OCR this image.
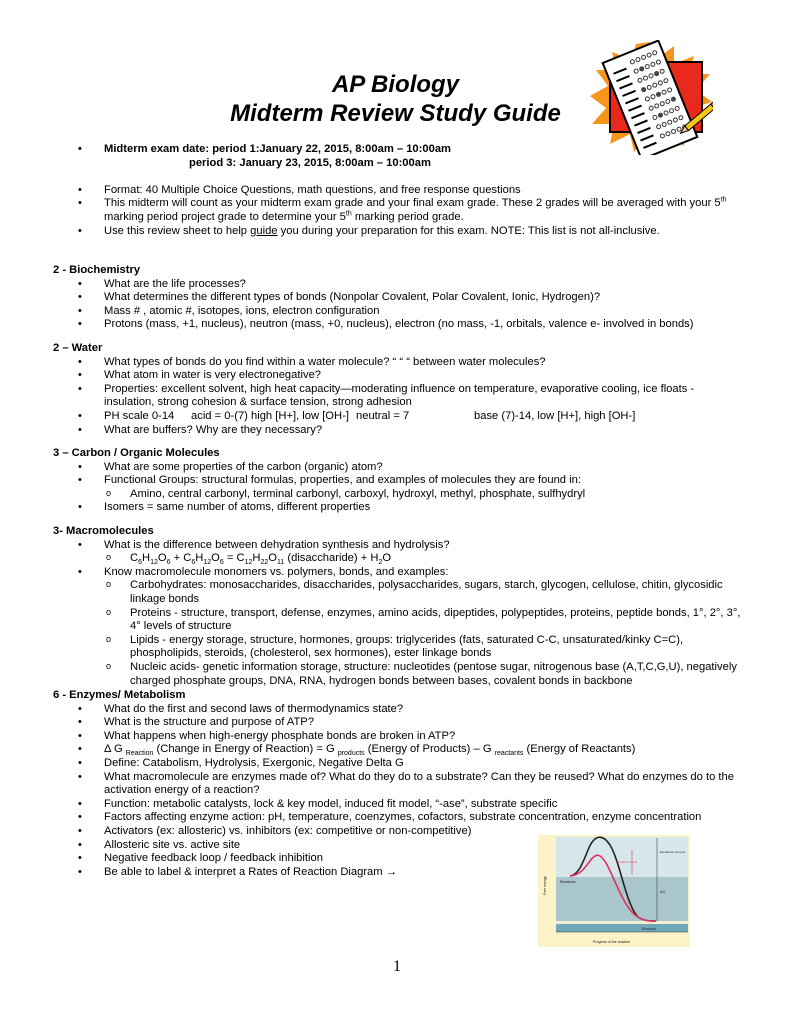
AP Biology
Midterm Review Study Guide
• Midterm exam date: period 1:January 22, 2015, 8:00am – 10:00am
period 3: January 23, 2015, 8:00am – 10:00am
• Format: 40 Multiple Choice Questions, math questions, and free response questions
• This midterm will count as your midterm exam grade and your final exam grade. These 2 grades will be averaged with your 5th marking period project grade to determine your 5th marking period grade.
• Use this review sheet to help guide you during your preparation for this exam. NOTE: This list is not all-inclusive.
2 - Biochemistry
• What are the life processes?
• What determines the different types of bonds (Nonpolar Covalent, Polar Covalent, Ionic, Hydrogen)?
• Mass # , atomic #, isotopes, ions, electron configuration
• Protons (mass, +1, nucleus), neutron (mass, +0, nucleus), electron (no mass, -1, orbitals, valence e- involved in bonds)
2 – Water
• What types of bonds do you find within a water molecule? “ “ “ between water molecules?
• What atom in water is very electronegative?
• Properties: excellent solvent, high heat capacity—moderating influence on temperature, evaporative cooling, ice floats - insulation, strong cohesion & surface tension, strong adhesion
• PH scale 0-14 acid = 0-(7) high [H+], low [OH-] neutral = 7	base (7)-14, low [H+], high [OH-]
• What are buffers? Why are they necessary?
3 – Carbon / Organic Molecules
• What are some properties of the carbon (organic) atom?
• Functional Groups: structural formulas, properties, and examples of molecules they are found in:
o Amino, central carbonyl, terminal carbonyl, carboxyl, hydroxyl, methyl, phosphate, sulfhydryl
• Isomers = same number of atoms, different properties
3- Macromolecules
• What is the difference between dehydration synthesis and hydrolysis?
o $C_6H_{12}O_6 + C_6H_{12}O_6 = C_{12}H_{22}O_{11}$ (disaccharide) + $H_2O$
• Know macromolecule monomers vs. polymers, bonds, and examples:
o Carbohydrates: monosaccharides, disaccharides, polysaccharides, sugars, starch, glycogen, cellulose, chitin, glycosidic linkage bonds
o Proteins - structure, transport, defense, enzymes, amino acids, dipeptides, polypeptides, proteins, peptide bonds, 1°, 2°, 3°, 4° levels of structure
o Lipids - energy storage, structure, hormones, groups: triglycerides (fats, saturated C-C, unsaturated/kinky C=C), phospholipids, steroids, (cholesterol, sex hormones), ester linkage bonds
o Nucleic acids- genetic information storage, structure: nucleotides (pentose sugar, nitrogenous base (A,T,C,G,U), negatively charged phosphate groups, DNA, RNA, hydrogen bonds between bases, covalent bonds in backbone
6 - Enzymes/ Metabolism
• What do the first and second laws of thermodynamics state?
• What is the structure and purpose of ATP?
• What happens when high-energy phosphate bonds are broken in ATP?
• Δ G $_{Reaction}$ (Change in Energy of Reaction) = G $_{products}$ (Energy of Products) – G $_{reactants}$ (Energy of Reactants)
• Define: Catabolism, Hydrolysis, Exergonic, Negative Delta G
• What macromolecule are enzymes made of? What do they do to a substrate? Can they be reused? What do enzymes do to the activation energy of a reaction?
• Function: metabolic catalysts, lock & key model, induced fit model, “-ase”, substrate specific
• Factors affecting enzyme action: pH, temperature, coenzymes, cofactors, substrate concentration, enzyme concentration
• Activators (ex: allosteric) vs. inhibitors (ex: competitive or non-competitive)
• Allosteric site vs. active site
• Negative feedback loop / feedback inhibition
• Be able to label & interpret a Rates of Reaction Diagram →
Reactants
Products
Ea with enzyme
Ea without enzyme
ΔG
Progress of the reaction
Free energy
1
